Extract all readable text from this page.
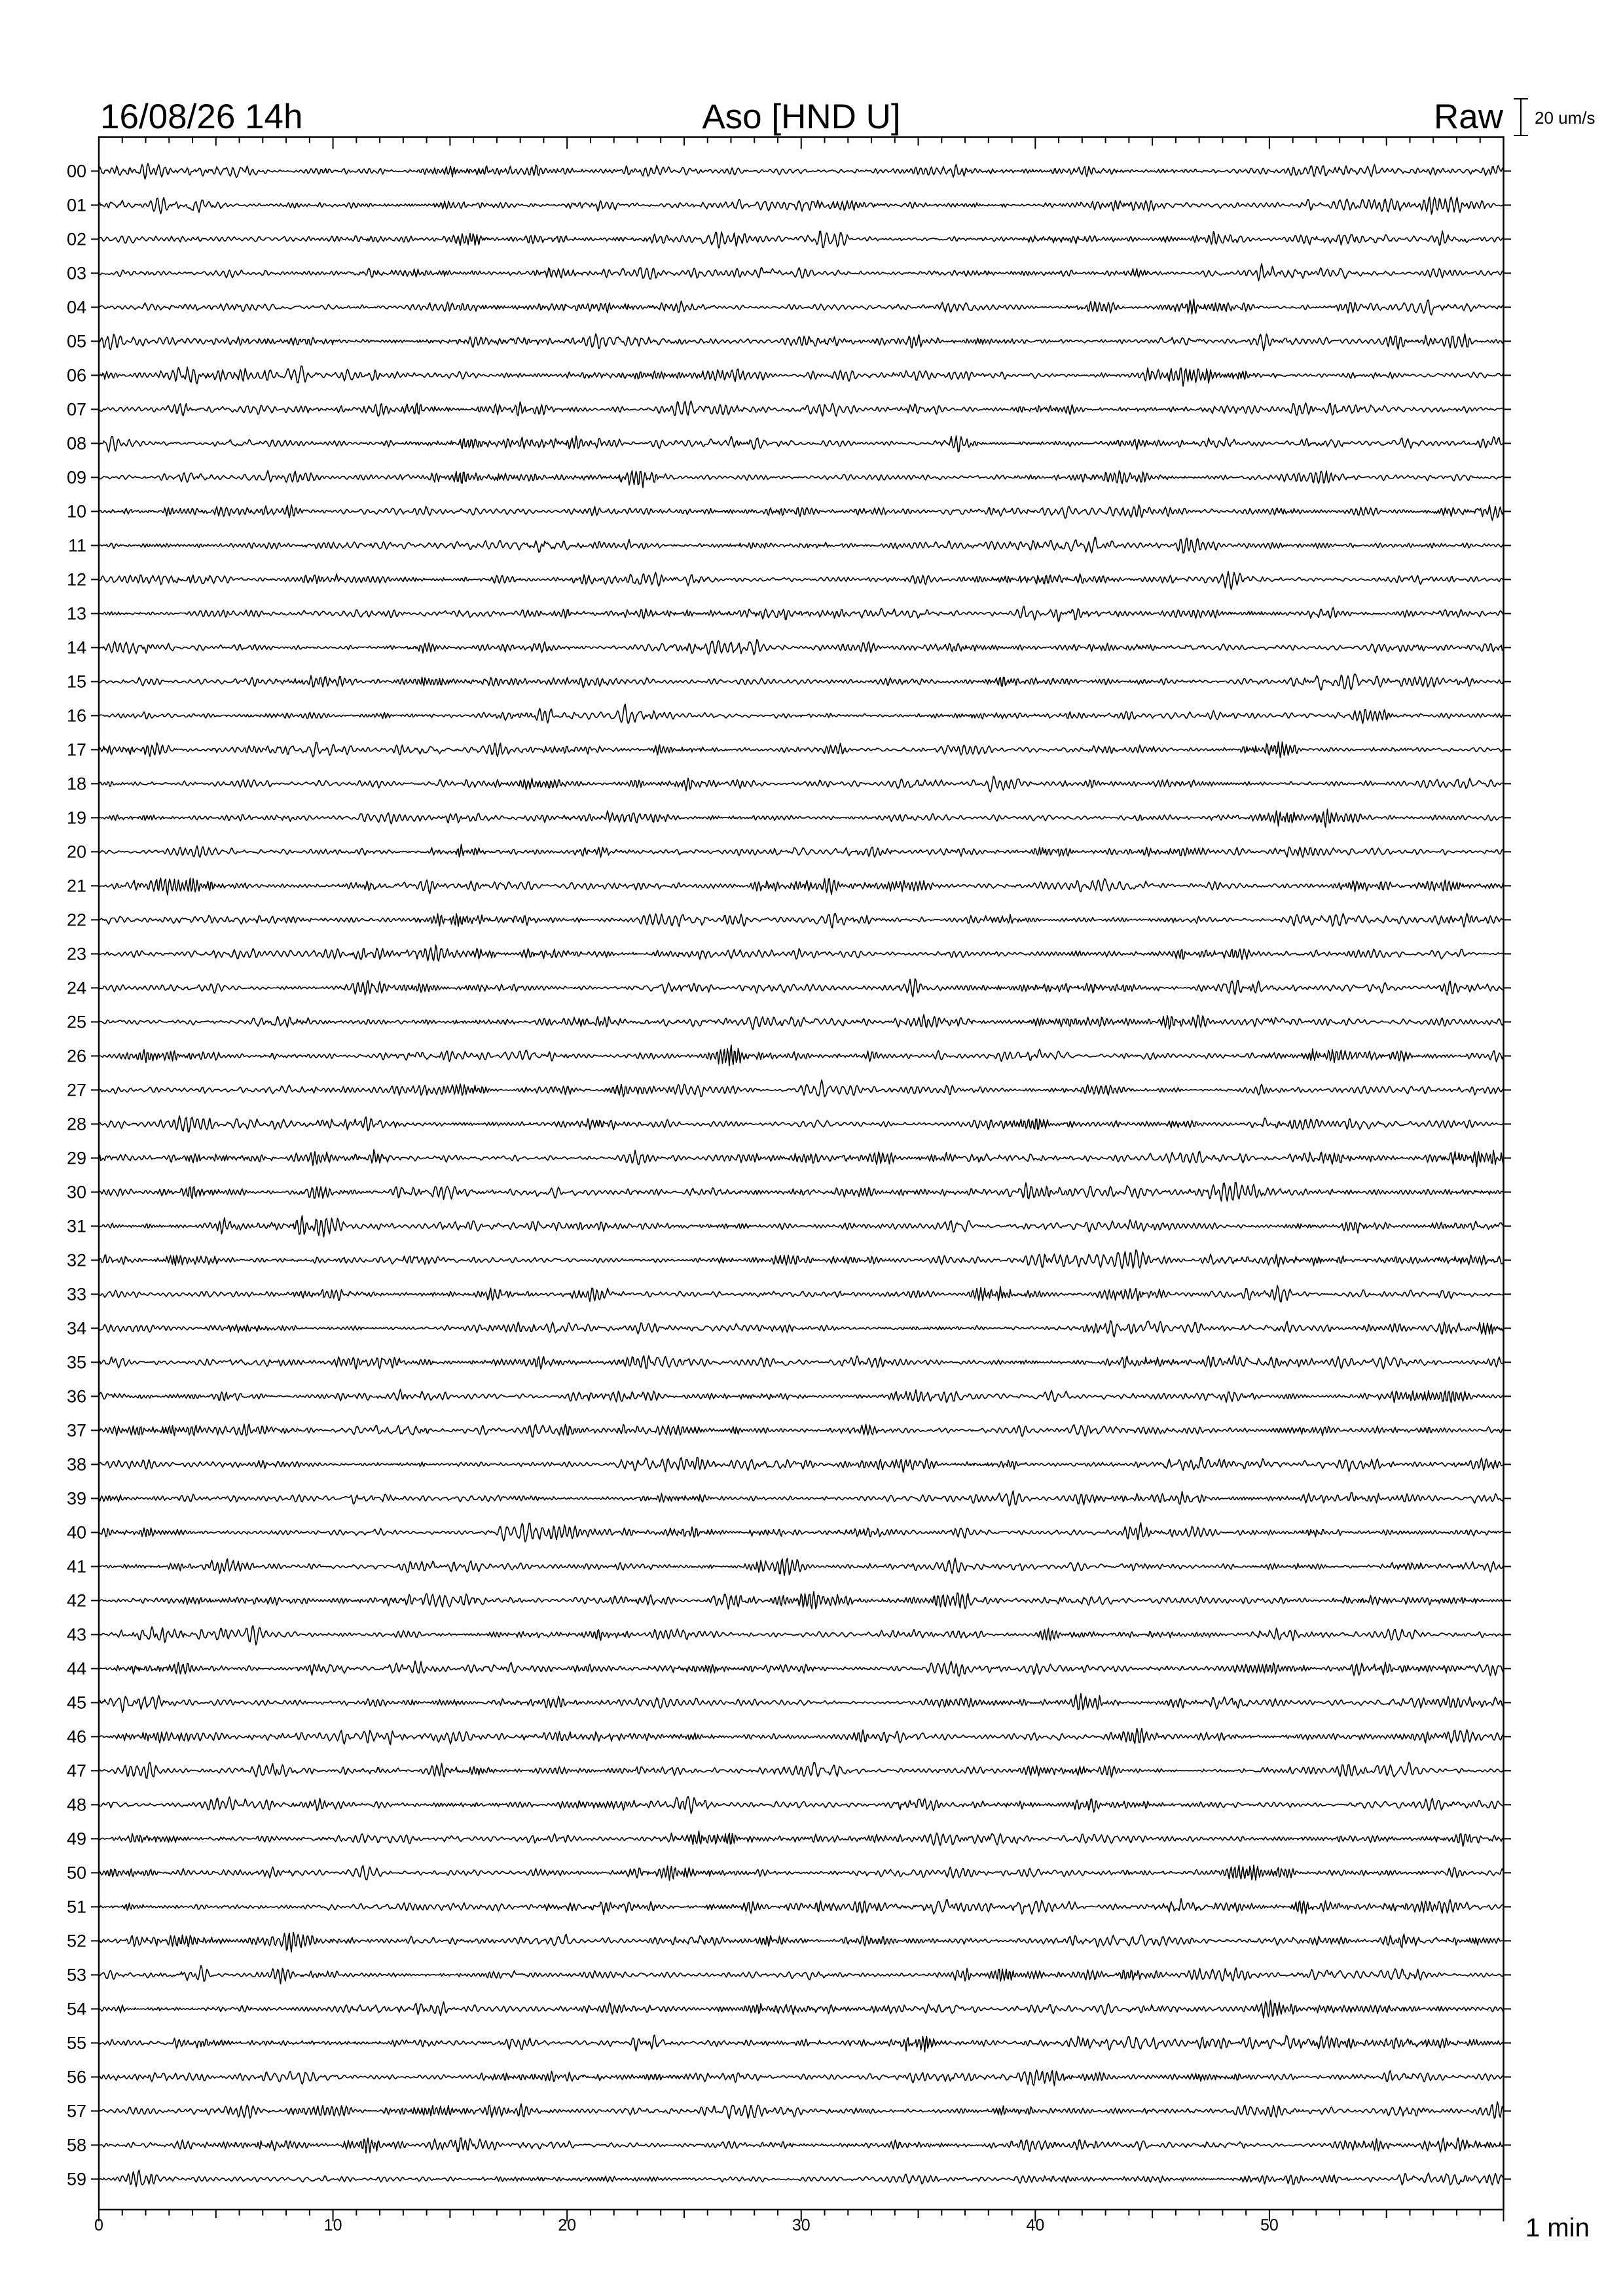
16/08/26 14h	Aso [HND U]	Raw 20 um/s
00
01
02
03
04
05
06
07
08
09
10
11
12
13
14
15
16
17
18
19
20
21
22
23
24
25
26
27
28
29
30
31
32
33
34
35
36
37
38
39
40
41
42
43
44
45
46
47
48
49
50
51
52
53
54
55
56
57
58
59
0	10	20	30	40	50	1 min
